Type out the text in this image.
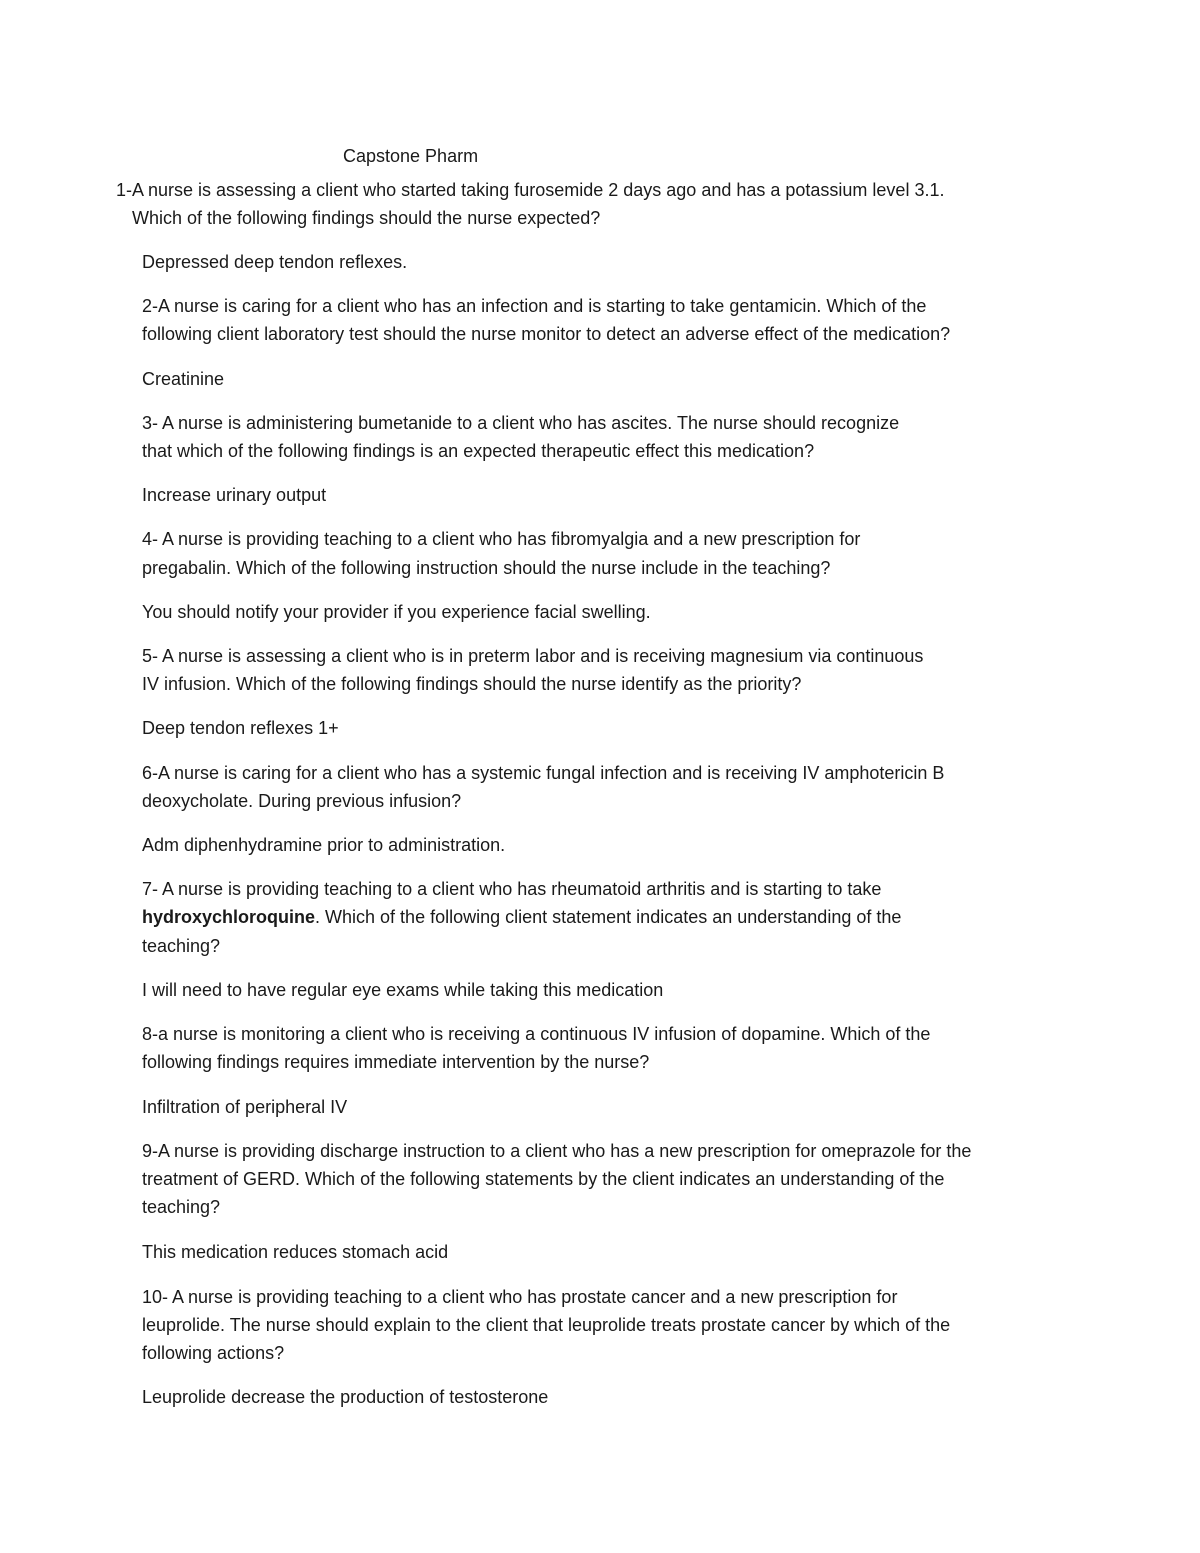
Capstone Pharm
1-A nurse is assessing a client who started taking furosemide 2 days ago and has a potassium level 3.1.
Which of the following findings should the nurse expected?
Depressed deep tendon reflexes.
2-A nurse is caring for a client who has an infection and is starting to take gentamicin. Which of the
following client laboratory test should the nurse monitor to detect an adverse effect of the medication?
Creatinine
3- A nurse is administering bumetanide to a client who has ascites. The nurse should recognize
that which of the following findings is an expected therapeutic effect this medication?
Increase urinary output
4- A nurse is providing teaching to a client who has fibromyalgia and a new prescription for
pregabalin. Which of the following instruction should the nurse include in the teaching?
You should notify your provider if you experience facial swelling.
5- A nurse is assessing a client who is in preterm labor and is receiving magnesium via continuous
IV infusion. Which of the following findings should the nurse identify as the priority?
Deep tendon reflexes 1+
6-A nurse is caring for a client who has a systemic fungal infection and is receiving IV amphotericin B
deoxycholate. During previous infusion?
Adm diphenhydramine prior to administration.
7- A nurse is providing teaching to a client who has rheumatoid arthritis and is starting to take
hydroxychloroquine. Which of the following client statement indicates an understanding of the
teaching?
I will need to have regular eye exams while taking this medication
8-a nurse is monitoring a client who is receiving a continuous IV infusion of dopamine. Which of the
following findings requires immediate intervention by the nurse?
Infiltration of peripheral IV
9-A nurse is providing discharge instruction to a client who has a new prescription for omeprazole for the
treatment of GERD. Which of the following statements by the client indicates an understanding of the
teaching?
This medication reduces stomach acid
10- A nurse is providing teaching to a client who has prostate cancer and a new prescription for
leuprolide. The nurse should explain to the client that leuprolide treats prostate cancer by which of the
following actions?
Leuprolide decrease the production of testosterone
